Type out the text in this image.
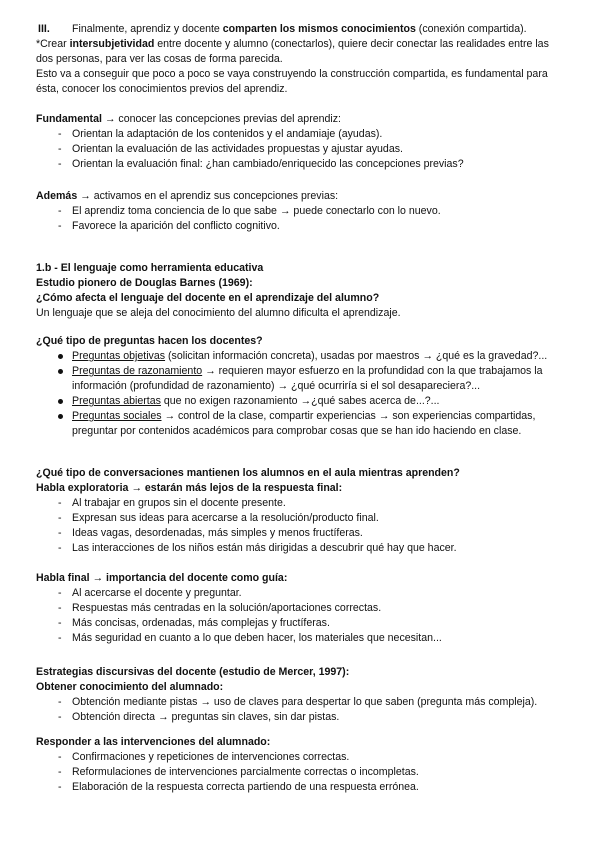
III. Finalmente, aprendiz y docente comparten los mismos conocimientos (conexión compartida).

*Crear intersubjetividad entre docente y alumno (conectarlos), quiere decir conectar las realidades entre las dos personas, para ver las cosas de forma parecida.

Esto va a conseguir que poco a poco se vaya construyendo la construcción compartida, es fundamental para ésta, conocer los conocimientos previos del aprendiz.

Fundamental → conocer las concepciones previas del aprendiz:

- Orientan la adaptación de los contenidos y el andamiaje (ayudas).
- Orientan la evaluación de las actividades propuestas y ajustar ayudas.
- Orientan la evaluación final: ¿han cambiado/enriquecido las concepciones previas?

Además → activamos en el aprendiz sus concepciones previas:

- El aprendiz toma conciencia de lo que sabe → puede conectarlo con lo nuevo.
- Favorece la aparición del conflicto cognitivo.

1.b - El lenguaje como herramienta educativa

Estudio pionero de Douglas Barnes (1969):

¿Cómo afecta el lenguaje del docente en el aprendizaje del alumno?

Un lenguaje que se aleja del conocimiento del alumno dificulta el aprendizaje.

¿Qué tipo de preguntas hacen los docentes?

Preguntas objetivas (solicitan información concreta), usadas por maestros → ¿qué es la gravedad?...
Preguntas de razonamiento → requieren mayor esfuerzo en la profundidad con la que trabajamos la información (profundidad de razonamiento) → ¿qué ocurriría si el sol desapareciera?...
Preguntas abiertas que no exigen razonamiento →¿qué sabes acerca de...?...
Preguntas sociales → control de la clase, compartir experiencias → son experiencias compartidas, preguntar por contenidos académicos para comprobar cosas que se han ido haciendo en clase.

¿Qué tipo de conversaciones mantienen los alumnos en el aula mientras aprenden?

Habla exploratoria → estarán más lejos de la respuesta final:

- Al trabajar en grupos sin el docente presente.
- Expresan sus ideas para acercarse a la resolución/producto final.
- Ideas vagas, desordenadas, más simples y menos fructíferas.
- Las interacciones de los niños están más dirigidas a descubrir qué hay que hacer.

Habla final → importancia del docente como guía:

- Al acercarse el docente y preguntar.
- Respuestas más centradas en la solución/aportaciones correctas.
- Más concisas, ordenadas, más complejas y fructíferas.
- Más seguridad en cuanto a lo que deben hacer, los materiales que necesitan...

Estrategias discursivas del docente (estudio de Mercer, 1997):

Obtener conocimiento del alumnado:

- Obtención mediante pistas → uso de claves para despertar lo que saben (pregunta más compleja).
- Obtención directa → preguntas sin claves, sin dar pistas.

Responder a las intervenciones del alumnado:

- Confirmaciones y repeticiones de intervenciones correctas.
- Reformulaciones de intervenciones parcialmente correctas o incompletas.
- Elaboración de la respuesta correcta partiendo de una respuesta errónea.
